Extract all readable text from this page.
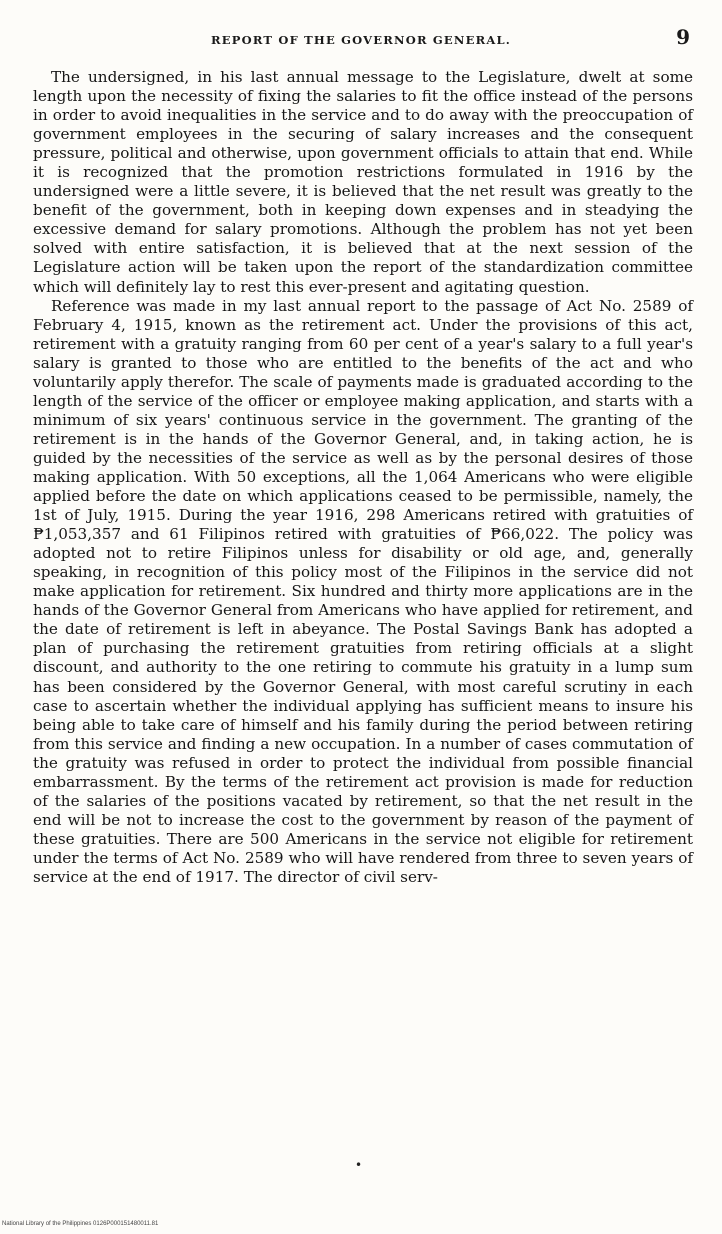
REPORT OF THE GOVERNOR GENERAL.	9

The undersigned, in his last annual message to the Legislature, dwelt at some length upon the necessity of fixing the salaries to fit the office instead of the persons in order to avoid inequalities in the service and to do away with the preoccupation of government employees in the securing of salary increases and the consequent pressure, political and otherwise, upon government officials to attain that end. While it is recognized that the promotion restrictions formulated in 1916 by the undersigned were a little severe, it is believed that the net result was greatly to the benefit of the government, both in keeping down expenses and in steadying the excessive demand for salary promotions. Although the problem has not yet been solved with entire satisfaction, it is believed that at the next session of the Legislature action will be taken upon the report of the standardization committee which will definitely lay to rest this ever-present and agitating question.

Reference was made in my last annual report to the passage of Act No. 2589 of February 4, 1915, known as the retirement act. Under the provisions of this act, retirement with a gratuity ranging from 60 per cent of a year's salary to a full year's salary is granted to those who are entitled to the benefits of the act and who voluntarily apply therefor. The scale of payments made is graduated according to the length of the service of the officer or employee making application, and starts with a minimum of six years' continuous service in the government. The granting of the retirement is in the hands of the Governor General, and, in taking action, he is guided by the necessities of the service as well as by the personal desires of those making application. With 50 exceptions, all the 1,064 Americans who were eligible applied before the date on which applications ceased to be permissible, namely, the 1st of July, 1915. During the year 1916, 298 Americans retired with gratuities of ₱1,053,357 and 61 Filipinos retired with gratuities of ₱66,022. The policy was adopted not to retire Filipinos unless for disability or old age, and, generally speaking, in recognition of this policy most of the Filipinos in the service did not make application for retirement. Six hundred and thirty more applications are in the hands of the Governor General from Americans who have applied for retirement, and the date of retirement is left in abeyance. The Postal Savings Bank has adopted a plan of purchasing the retirement gratuities from retiring officials at a slight discount, and authority to the one retiring to commute his gratuity in a lump sum has been considered by the Governor General, with most careful scrutiny in each case to ascertain whether the individual applying has sufficient means to insure his being able to take care of himself and his family during the period between retiring from this service and finding a new occupation. In a number of cases commutation of the gratuity was refused in order to protect the individual from possible financial embarrassment. By the terms of the retirement act provision is made for reduction of the salaries of the positions vacated by retirement, so that the net result in the end will be not to increase the cost to the government by reason of the payment of these gratuities. There are 500 Americans in the service not eligible for retirement under the terms of Act No. 2589 who will have rendered from three to seven years of service at the end of 1917. The director of civil serv-

•
National Library of the Philippines 0126P000151480011.81
